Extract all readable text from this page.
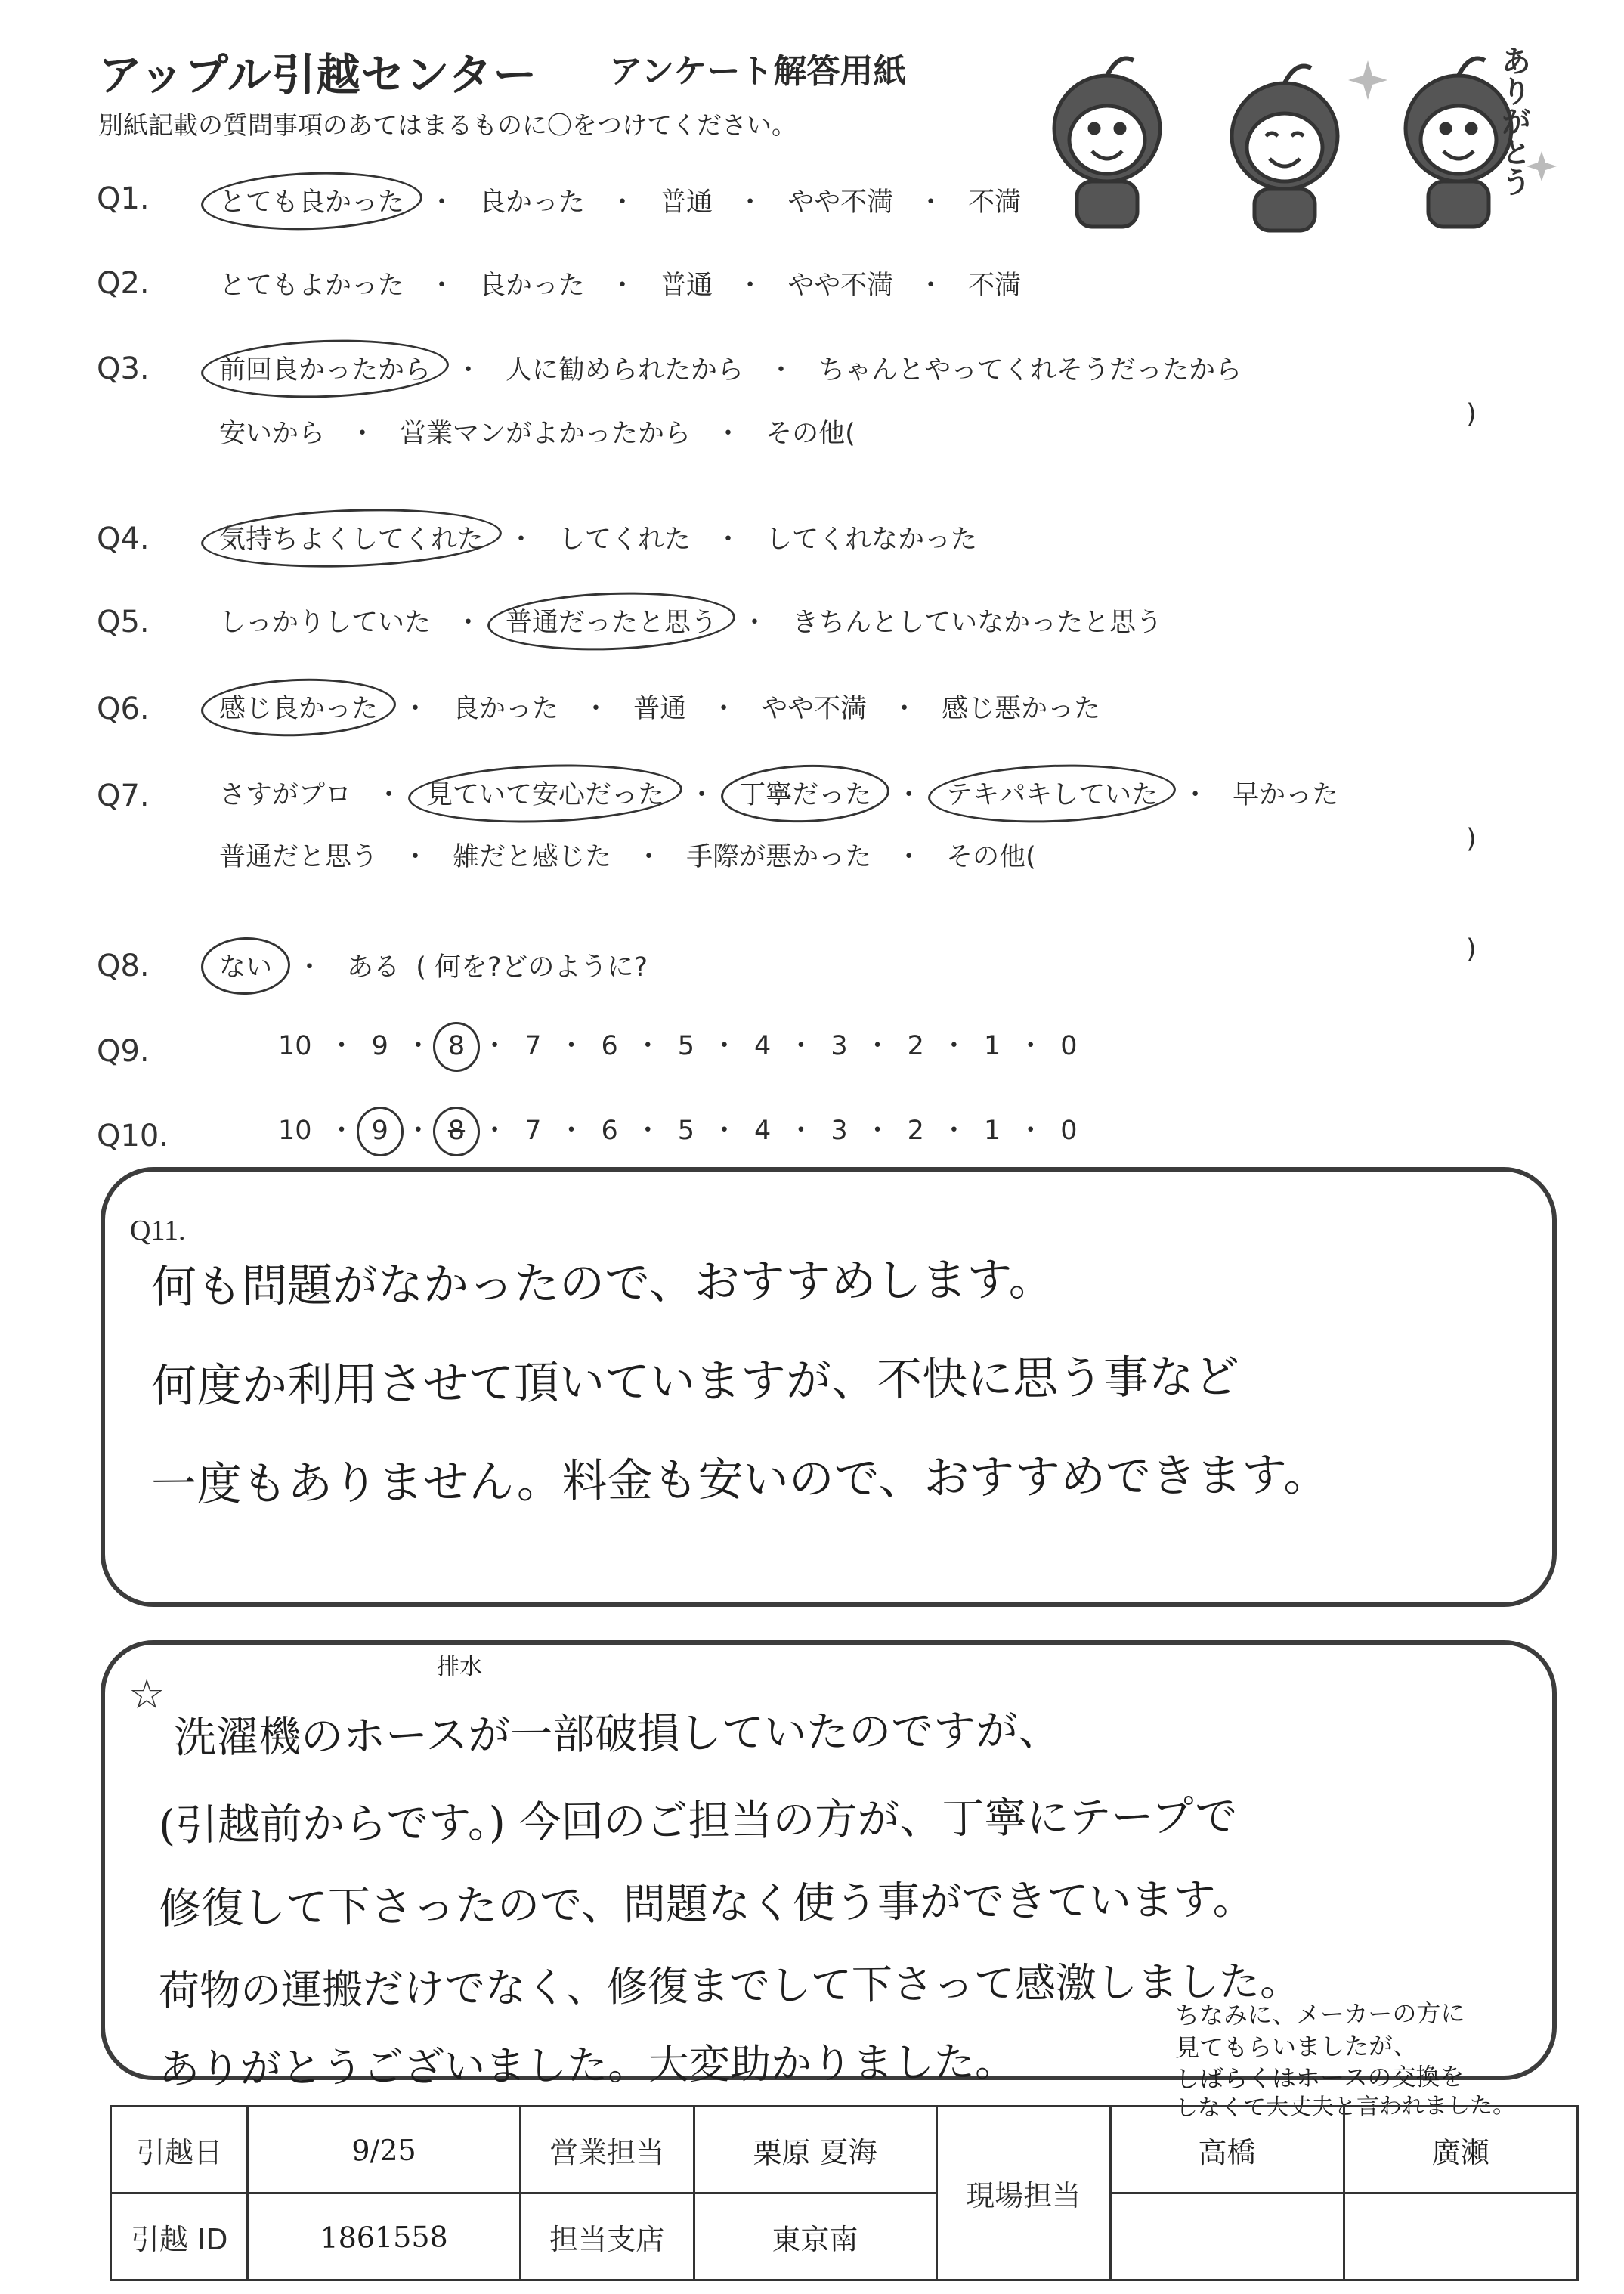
アップル引越センター アンケート解答用紙
別紙記載の質問事項のあてはまるものに〇をつけてください。	ありがとう
Q1.	とても良かった ・ 良かった ・ 普通 ・ やや不満 ・ 不満
Q2.	とてもよかった ・ 良かった ・ 普通 ・ やや不満 ・ 不満
Q3.	前回良かったから ・ 人に勧められたから ・ ちゃんとやってくれそうだったから
安いから ・ 営業マンがよかったから ・ その他(
)
Q4.	気持ちよくしてくれた ・ してくれた ・ してくれなかった
Q5.	しっかりしていた ・ 普通だったと思う ・ きちんとしていなかったと思う
Q6.	感じ良かった ・ 良かった ・ 普通 ・ やや不満 ・ 感じ悪かった
Q7.	さすがプロ ・ 見ていて安心だった ・ 丁寧だった ・ テキパキしていた ・ 早かった
普通だと思う ・ 雑だと感じた ・ 手際が悪かった ・ その他(
)
Q8.	ない ・ ある ( 何を?どのように?
)
Q9.	10 ・ 9 ・ 8 ・ 7 ・ 6 ・ 5 ・ 4 ・ 3 ・ 2 ・ 1 ・ 0
Q10.	10 ・ 9 ・ 8 ・ 7 ・ 6 ・ 5 ・ 4 ・ 3 ・ 2 ・ 1 ・ 0
Q11.
何も問題がなかったので、おすすめします。
何度か利用させて頂いていますが、不快に思う事など
一度もありません。料金も安いので、おすすめできます。
☆
排水
洗濯機のホースが一部破損していたのですが、
(引越前からです。) 今回のご担当の方が、丁寧にテープで
修復して下さったので、問題なく使う事ができています。
荷物の運搬だけでなく、修復までして下さって感激しました。
ありがとうございました。大変助かりました。
ちなみに、メーカーの方に
見てもらいましたが、
しばらくはホースの交換を
しなくて大丈夫と言われました。
引越日	9/25	営業担当	栗原 夏海	現場担当	高橋	廣瀬
引越 ID	1861558	担当支店	東京南			
